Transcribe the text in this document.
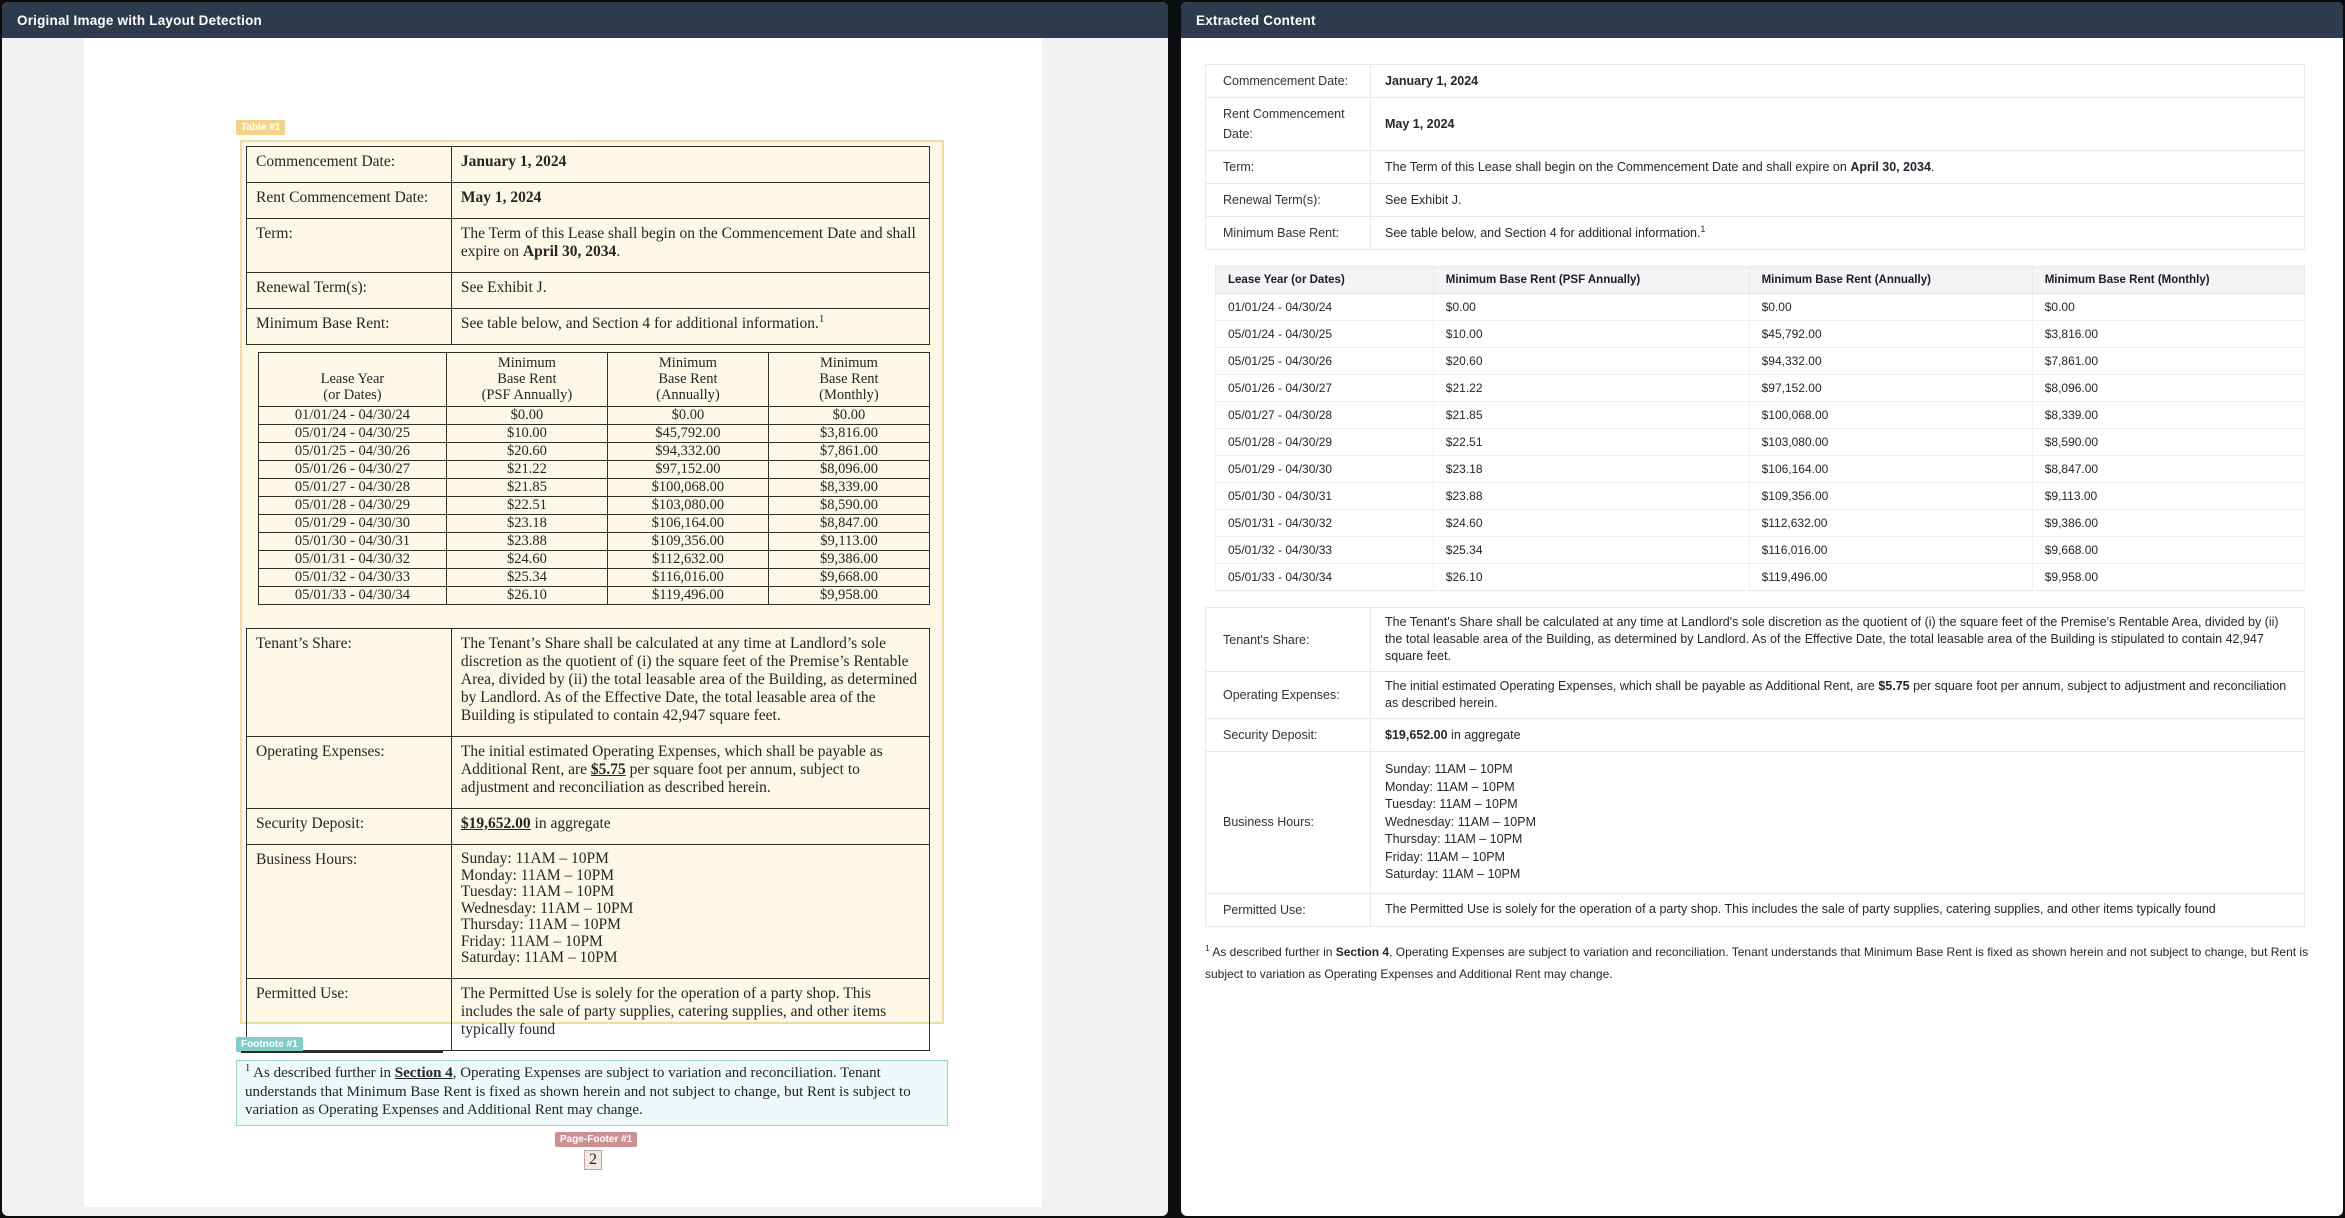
Original Image with Layout Detection
Table #1
Commencement Date:	January 1, 2024
Rent Commencement Date:	May 1, 2024
Term:	The Term of this Lease shall begin on the Commencement Date and shall expire on April 30, 2034.
Renewal Term(s):	See Exhibit J.
Minimum Base Rent:	See table below, and Section 4 for additional information.$^1$
Lease Year
(or Dates)

Minimum
Base Rent
(PSF Annually)

Minimum
Base Rent
(Annually)

Minimum
Base Rent
(Monthly)

01/01/24 - 04/30/24	$0.00	$0.00	$0.00
05/01/24 - 04/30/25	$10.00	$45,792.00	$3,816.00
05/01/25 - 04/30/26	$20.60	$94,332.00	$7,861.00
05/01/26 - 04/30/27	$21.22	$97,152.00	$8,096.00
05/01/27 - 04/30/28	$21.85	$100,068.00	$8,339.00
05/01/28 - 04/30/29	$22.51	$103,080.00	$8,590.00
05/01/29 - 04/30/30	$23.18	$106,164.00	$8,847.00
05/01/30 - 04/30/31	$23.88	$109,356.00	$9,113.00
05/01/31 - 04/30/32	$24.60	$112,632.00	$9,386.00
05/01/32 - 04/30/33	$25.34	$116,016.00	$9,668.00
05/01/33 - 04/30/34	$26.10	$119,496.00	$9,958.00
Tenant’s Share:	The Tenant’s Share shall be calculated at any time at Landlord’s sole discretion as the quotient of (i) the square feet of the Premise’s Rentable Area, divided by (ii) the total leasable area of the Building, as determined by Landlord. As of the Effective Date, the total leasable area of the Building is stipulated to contain 42,947 square feet.
Operating Expenses:	The initial estimated Operating Expenses, which shall be payable as Additional Rent, are $5.75 per square foot per annum, subject to adjustment and reconciliation as described herein.
Security Deposit:	$19,652.00 in aggregate
Business Hours:	Sunday: 11AM – 10PM
Monday: 11AM – 10PM
Tuesday: 11AM – 10PM
Wednesday: 11AM – 10PM
Thursday: 11AM – 10PM
Friday: 11AM – 10PM
Saturday: 11AM – 10PM

Permitted Use:	The Permitted Use is solely for the operation of a party shop. This includes the sale of party supplies, catering supplies, and other items typically found
Footnote #1

$^1$ As described further in Section 4, Operating Expenses are subject to variation and reconciliation. Tenant understands that Minimum Base Rent is fixed as shown herein and not subject to change, but Rent is subject to variation as Operating Expenses and Additional Rent may change.

Page-Footer #1
2
Extracted Content
Commencement Date:	January 1, 2024
Rent Commencement Date:	May 1, 2024
Term:	The Term of this Lease shall begin on the Commencement Date and shall expire on April 30, 2034.
Renewal Term(s):	See Exhibit J.
Minimum Base Rent:	See table below, and Section 4 for additional information.$^1$
Lease Year (or Dates)	Minimum Base Rent (PSF Annually)	Minimum Base Rent (Annually)	Minimum Base Rent (Monthly)
01/01/24 - 04/30/24	$0.00	$0.00	$0.00
05/01/24 - 04/30/25	$10.00	$45,792.00	$3,816.00
05/01/25 - 04/30/26	$20.60	$94,332.00	$7,861.00
05/01/26 - 04/30/27	$21.22	$97,152.00	$8,096.00
05/01/27 - 04/30/28	$21.85	$100,068.00	$8,339.00
05/01/28 - 04/30/29	$22.51	$103,080.00	$8,590.00
05/01/29 - 04/30/30	$23.18	$106,164.00	$8,847.00
05/01/30 - 04/30/31	$23.88	$109,356.00	$9,113.00
05/01/31 - 04/30/32	$24.60	$112,632.00	$9,386.00
05/01/32 - 04/30/33	$25.34	$116,016.00	$9,668.00
05/01/33 - 04/30/34	$26.10	$119,496.00	$9,958.00
Tenant's Share:	The Tenant's Share shall be calculated at any time at Landlord's sole discretion as the quotient of (i) the square feet of the Premise's Rentable Area, divided by (ii) the total leasable area of the Building, as determined by Landlord. As of the Effective Date, the total leasable area of the Building is stipulated to contain 42,947 square feet.
Operating Expenses:	The initial estimated Operating Expenses, which shall be payable as Additional Rent, are $5.75 per square foot per annum, subject to adjustment and reconciliation as described herein.
Security Deposit:	$19,652.00 in aggregate
Business Hours:	
Sunday: 11AM – 10PM
Monday: 11AM – 10PM
Tuesday: 11AM – 10PM
Wednesday: 11AM – 10PM
Thursday: 11AM – 10PM
Friday: 11AM – 10PM
Saturday: 11AM – 10PM

Permitted Use:	The Permitted Use is solely for the operation of a party shop. This includes the sale of party supplies, catering supplies, and other items typically found

$^1$ As described further in Section 4, Operating Expenses are subject to variation and reconciliation. Tenant understands that Minimum Base Rent is fixed as shown herein and not subject to change, but Rent is subject to variation as Operating Expenses and Additional Rent may change.
